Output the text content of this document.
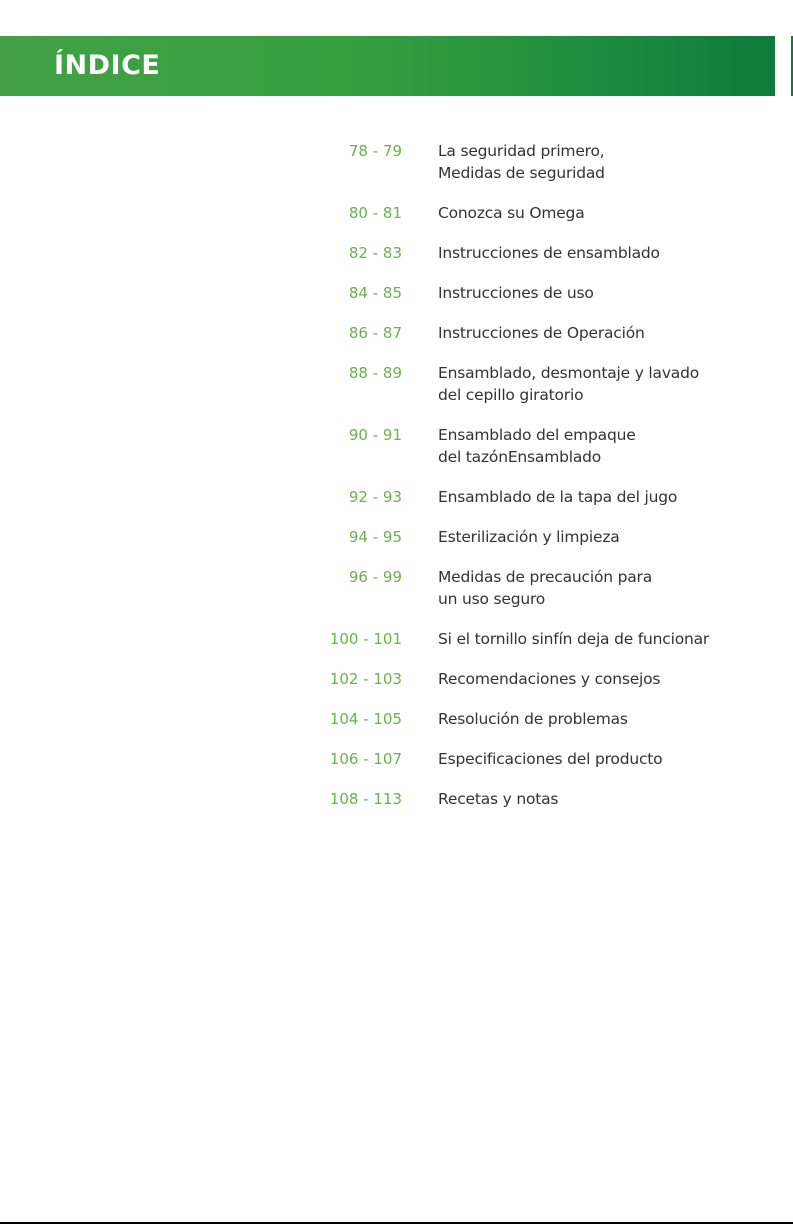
ÍNDICE
78 - 79 La seguridad primero,
Medidas de seguridad
80 - 81 Conozca su Omega
82 - 83 Instrucciones de ensamblado
84 - 85 Instrucciones de uso
86 - 87 Instrucciones de Operación
88 - 89 Ensamblado, desmontaje y lavado
del cepillo giratorio
90 - 91 Ensamblado del empaque
del tazónEnsamblado
92 - 93 Ensamblado de la tapa del jugo
94 - 95 Esterilización y limpieza
96 - 99 Medidas de precaución para
un uso seguro
100 - 101 Si el tornillo sinfín deja de funcionar
102 - 103 Recomendaciones y consejos
104 - 105 Resolución de problemas
106 - 107 Especificaciones del producto
108 - 113 Recetas y notas
